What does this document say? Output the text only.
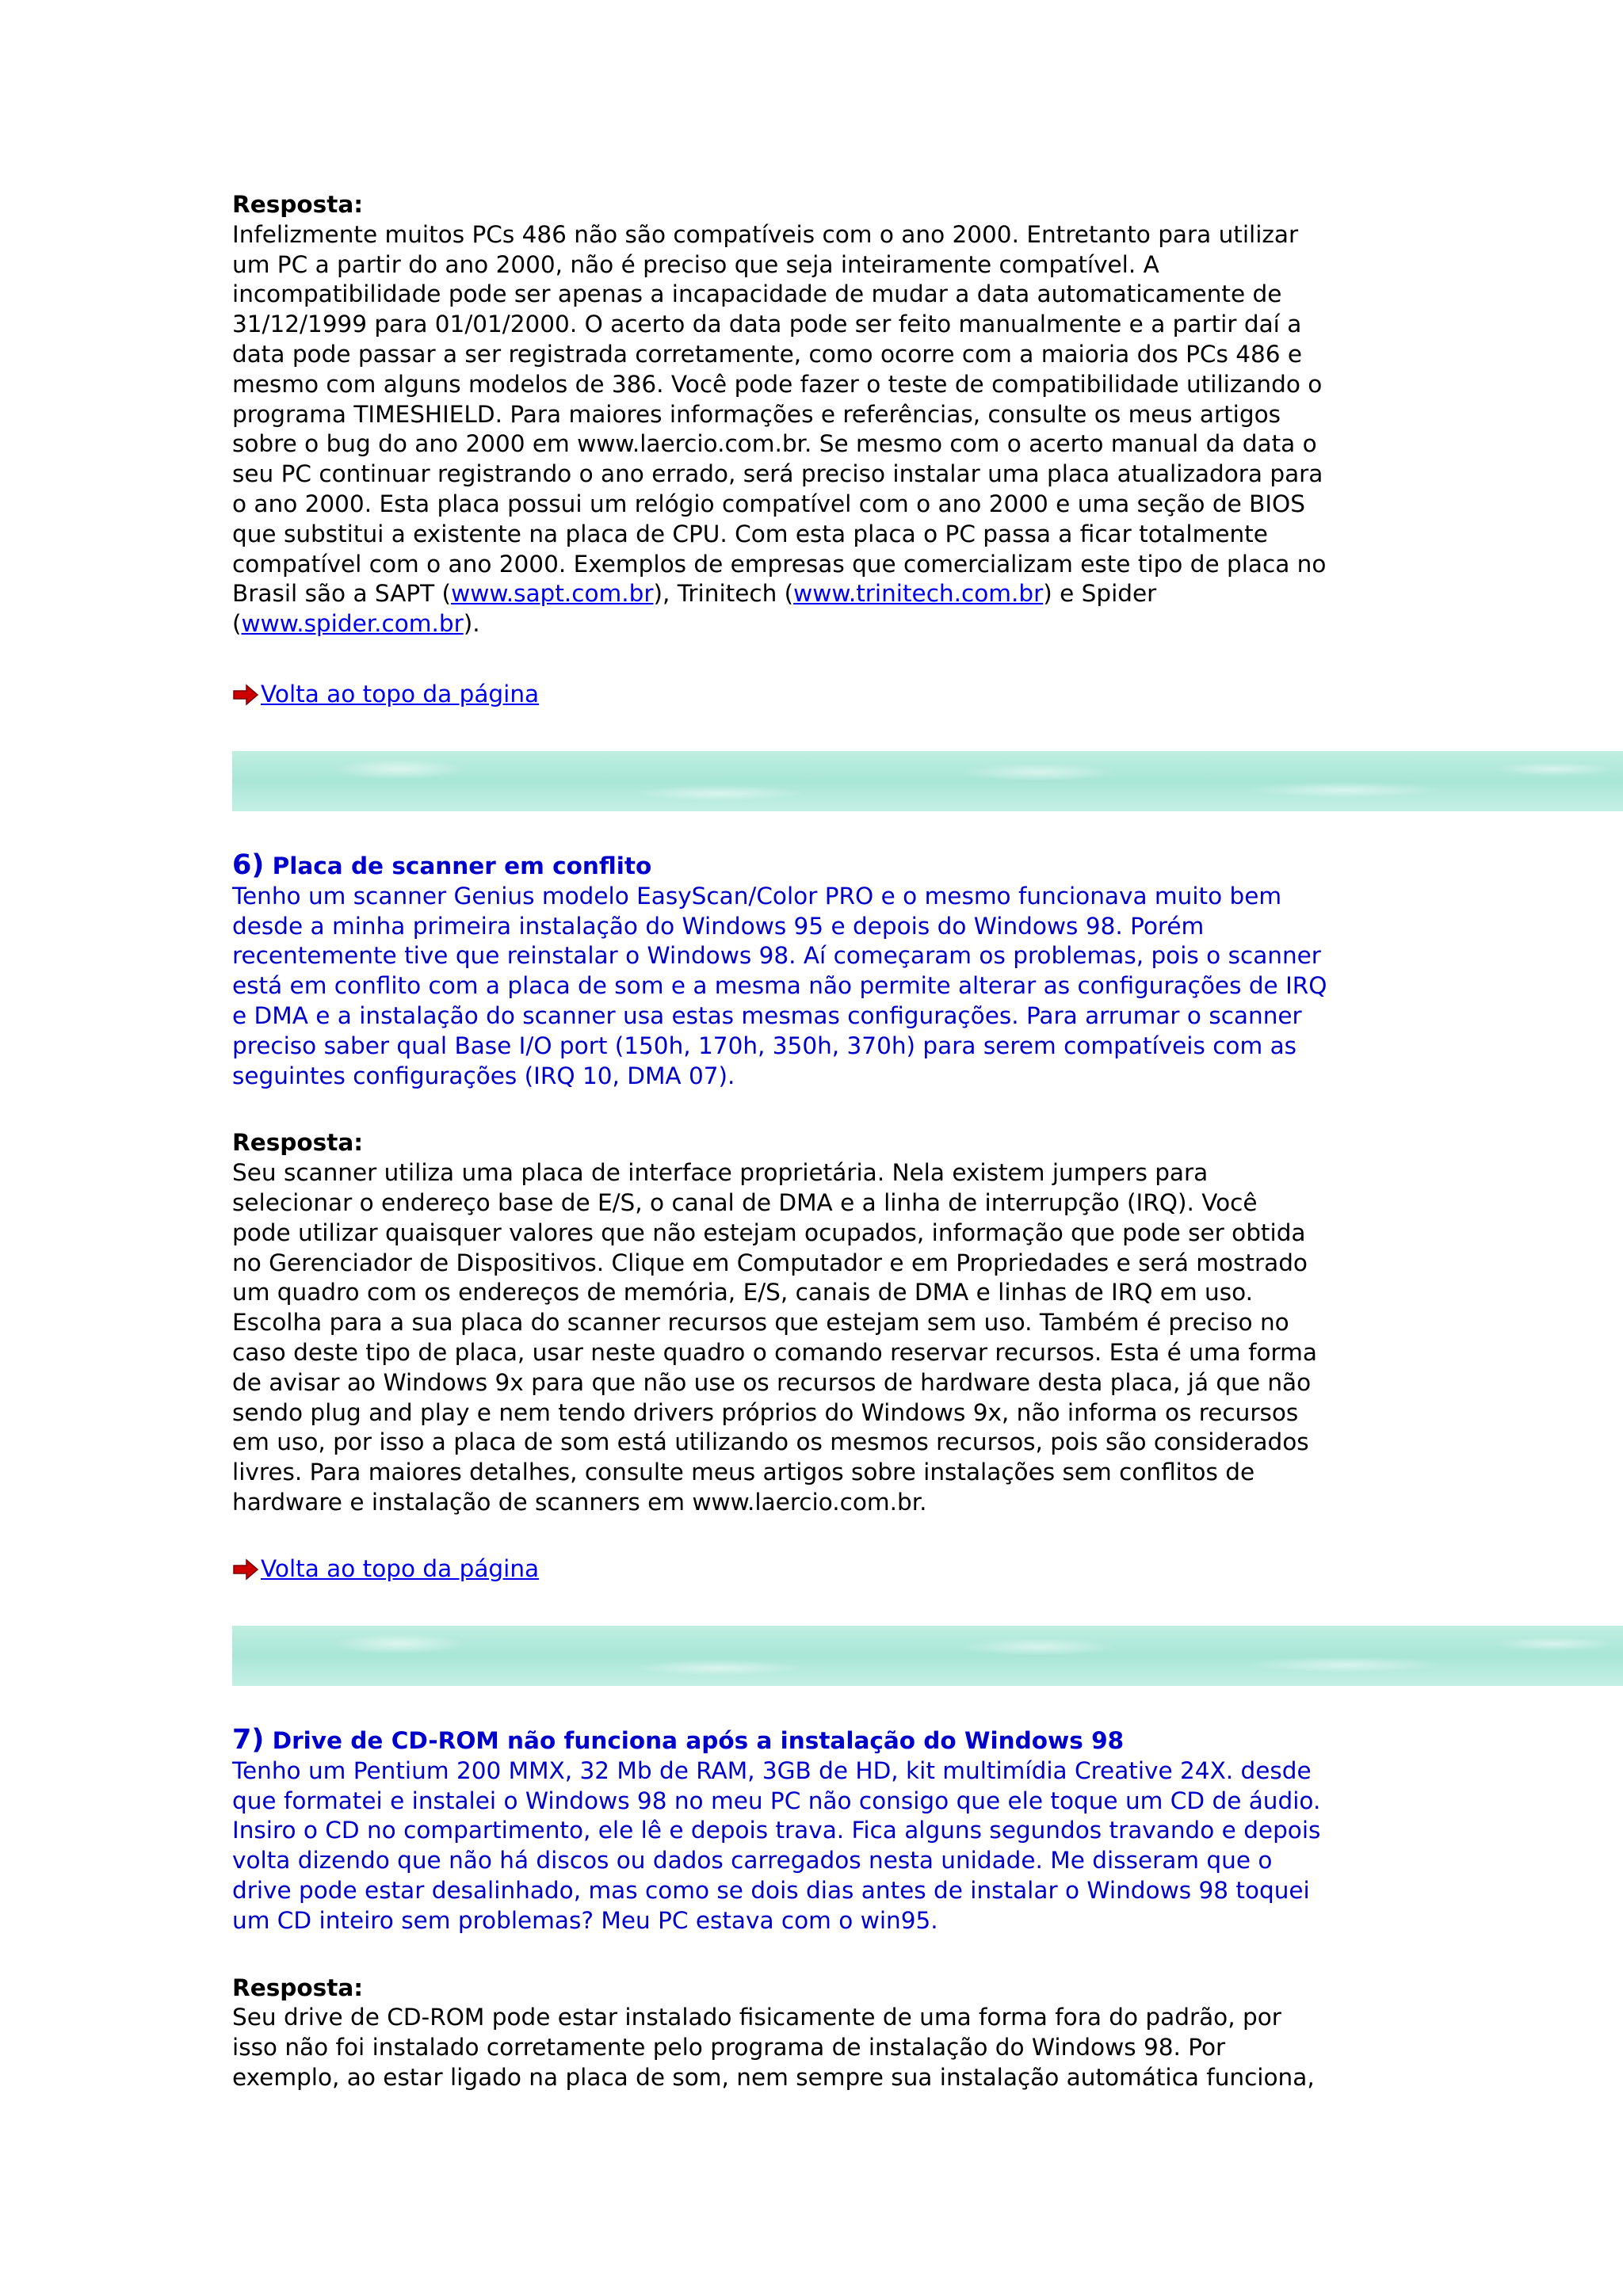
Resposta:

Infelizmente muitos PCs 486 não são compatíveis com o ano 2000. Entretanto para utilizar

um PC a partir do ano 2000, não é preciso que seja inteiramente compatível. A

incompatibilidade pode ser apenas a incapacidade de mudar a data automaticamente de

31/12/1999 para 01/01/2000. O acerto da data pode ser feito manualmente e a partir daí a

data pode passar a ser registrada corretamente, como ocorre com a maioria dos PCs 486 e

mesmo com alguns modelos de 386. Você pode fazer o teste de compatibilidade utilizando o

programa TIMESHIELD. Para maiores informações e referências, consulte os meus artigos

sobre o bug do ano 2000 em www.laercio.com.br. Se mesmo com o acerto manual da data o

seu PC continuar registrando o ano errado, será preciso instalar uma placa atualizadora para

o ano 2000. Esta placa possui um relógio compatível com o ano 2000 e uma seção de BIOS

que substitui a existente na placa de CPU. Com esta placa o PC passa a ficar totalmente

compatível com o ano 2000. Exemplos de empresas que comercializam este tipo de placa no

Brasil são a SAPT (www.sapt.com.br), Trinitech (www.trinitech.com.br) e Spider

(www.spider.com.br).

Volta ao topo da página
6) Placa de scanner em conflito

Tenho um scanner Genius modelo EasyScan/Color PRO e o mesmo funcionava muito bem

desde a minha primeira instalação do Windows 95 e depois do Windows 98. Porém

recentemente tive que reinstalar o Windows 98. Aí começaram os problemas, pois o scanner

está em conflito com a placa de som e a mesma não permite alterar as configurações de IRQ

e DMA e a instalação do scanner usa estas mesmas configurações. Para arrumar o scanner

preciso saber qual Base I/O port (150h, 170h, 350h, 370h) para serem compatíveis com as

seguintes configurações (IRQ 10, DMA 07).

Resposta:

Seu scanner utiliza uma placa de interface proprietária. Nela existem jumpers para

selecionar o endereço base de E/S, o canal de DMA e a linha de interrupção (IRQ). Você

pode utilizar quaisquer valores que não estejam ocupados, informação que pode ser obtida

no Gerenciador de Dispositivos. Clique em Computador e em Propriedades e será mostrado

um quadro com os endereços de memória, E/S, canais de DMA e linhas de IRQ em uso.

Escolha para a sua placa do scanner recursos que estejam sem uso. Também é preciso no

caso deste tipo de placa, usar neste quadro o comando reservar recursos. Esta é uma forma

de avisar ao Windows 9x para que não use os recursos de hardware desta placa, já que não

sendo plug and play e nem tendo drivers próprios do Windows 9x, não informa os recursos

em uso, por isso a placa de som está utilizando os mesmos recursos, pois são considerados

livres. Para maiores detalhes, consulte meus artigos sobre instalações sem conflitos de

hardware e instalação de scanners em www.laercio.com.br.

Volta ao topo da página
7) Drive de CD-ROM não funciona após a instalação do Windows 98

Tenho um Pentium 200 MMX, 32 Mb de RAM, 3GB de HD, kit multimídia Creative 24X. desde

que formatei e instalei o Windows 98 no meu PC não consigo que ele toque um CD de áudio.

Insiro o CD no compartimento, ele lê e depois trava. Fica alguns segundos travando e depois

volta dizendo que não há discos ou dados carregados nesta unidade. Me disseram que o

drive pode estar desalinhado, mas como se dois dias antes de instalar o Windows 98 toquei

um CD inteiro sem problemas? Meu PC estava com o win95.

Resposta:

Seu drive de CD-ROM pode estar instalado fisicamente de uma forma fora do padrão, por

isso não foi instalado corretamente pelo programa de instalação do Windows 98. Por

exemplo, ao estar ligado na placa de som, nem sempre sua instalação automática funciona,
